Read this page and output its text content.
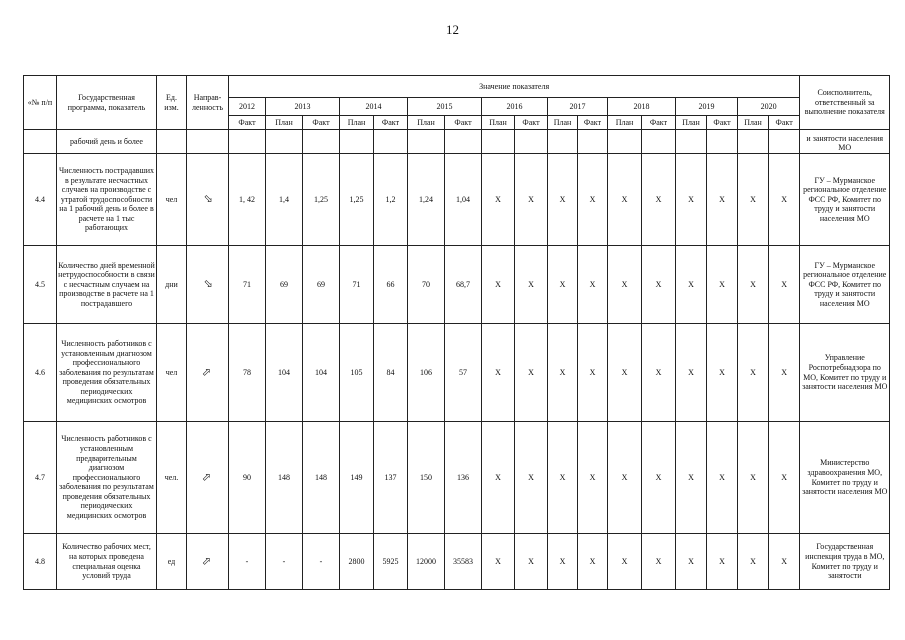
12
«№ п/п	Государственная программа, показатель	Ед. изм.	Направ-ленность	Значение показателя																	Соисполнитель, ответственный за выполнение показателя
				2012	2013		2014		2015		2016		2017		2018		2019		2020		
				Факт	План	Факт	План	Факт	План	Факт	План	Факт	План	Факт	План	Факт	План	Факт	План	Факт	
	рабочий день и более																				и занятости населения МО
4.4	Численность пострадавших в результате несчастных случаев на производстве с утратой трудоспособности на 1 рабочий день и более в расчете на 1 тыс работающих	чел	⇨	1, 42	1,4	1,25	1,25	1,2	1,24	1,04	X	X	X	X	X	X	X	X	X	X	ГУ – Мурманское региональное отделение ФСС РФ, Комитет по труду и занятости населения МО
4.5	Количество дней временной нетрудоспособности в связи с несчастным случаем на производстве в расчете на 1 пострадавшего	дни	⇨	71	69	69	71	66	70	68,7	X	X	X	X	X	X	X	X	X	X	ГУ – Мурманское региональное отделение ФСС РФ, Комитет по труду и занятости населения МО
4.6	Численность работников с установленным диагнозом профессионального заболевания по результатам проведения обязательных периодических медицинских осмотров	чел	⇨	78	104	104	105	84	106	57	X	X	X	X	X	X	X	X	X	X	Управление Роспотребнадзора по МО, Комитет по труду и занятости населения МО
4.7	Численность работников с установленным предварительным диагнозом профессионального заболевания по результатам проведения обязательных периодических медицинских осмотров	чел.	⇨	90	148	148	149	137	150	136	X	X	X	X	X	X	X	X	X	X	Министерство здравоохранения МО, Комитет по труду и занятости населения МО
4.8	Количество рабочих мест, на которых проведена специальная оценка условий труда	ед	⇨	-	-	-	2800	5925	12000	35583	X	X	X	X	X	X	X	X	X	X	Государственная инспекция труда в МО, Комитет по труду и занятости
